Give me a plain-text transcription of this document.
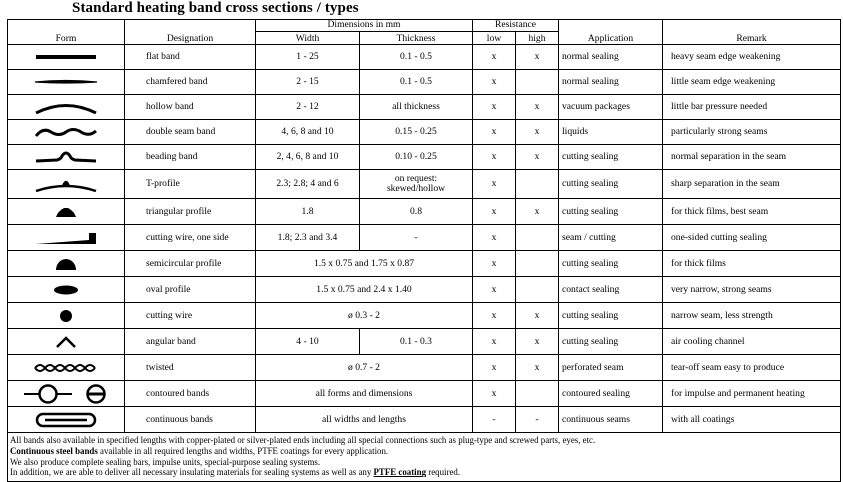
Standard heating band cross sections / types
Form	Designation	Dimensions in mm		Resistance		Application	Remark
		Width	Thickness	low	high		

	flat band	1 - 25	0.1 - 0.5	x	x	normal sealing	heavy seam edge weakening

	chamfered band	2 - 15	0.1 - 0.5	x		normal sealing	little seam edge weakening

	hollow band	2 - 12	all thickness	x	x	vacuum packages	little bar pressure needed

	double seam band	4, 6, 8 and 10	0.15 - 0.25	x	x	liquids	particularly strong seams

	beading band	2, 4, 6, 8 and 10	0.10 - 0.25	x	x	cutting sealing	normal separation in the seam

	T-profile	2.3; 2.8; 4 and 6	on request:
skewed/hollow	x		cutting sealing	sharp separation in the seam

	triangular profile	1.8	0.8	x	x	cutting sealing	for thick films, best seam

	cutting wire, one side	1.8; 2.3 and 3.4	-	x		seam / cutting	one-sided cutting sealing

	semicircular profile	1.5 x 0.75 and 1.75 x 0.87		x		cutting sealing	for thick films

	oval profile	1.5 x 0.75 and 2.4 x 1.40		x		contact sealing	very narrow, strong seams

	cutting wire	ø 0.3 - 2		x	x	cutting sealing	narrow seam, less strength

	angular band	4 - 10	0.1 - 0.3	x	x	cutting sealing	air cooling channel

	twisted	ø 0.7 - 2		x	x	perforated seam	tear-off seam easy to produce

	contoured bands	all forms and dimensions		x		contoured sealing	for impulse and permanent heating

	continuous bands	all widths and lengths		-	-	continuous seams	with all coatings

All bands also available in specified lengths with copper-plated or silver-plated ends including all special connections such as plug-type and screwed parts, eyes, etc.
Continuous steel bands available in all required lengths and widths, PTFE coatings for every application.
We also produce complete sealing bars, impulse units, special-purpose sealing systems.
In addition, we are able to deliver all necessary insulating materials for sealing systems as well as any PTFE coating required.							
